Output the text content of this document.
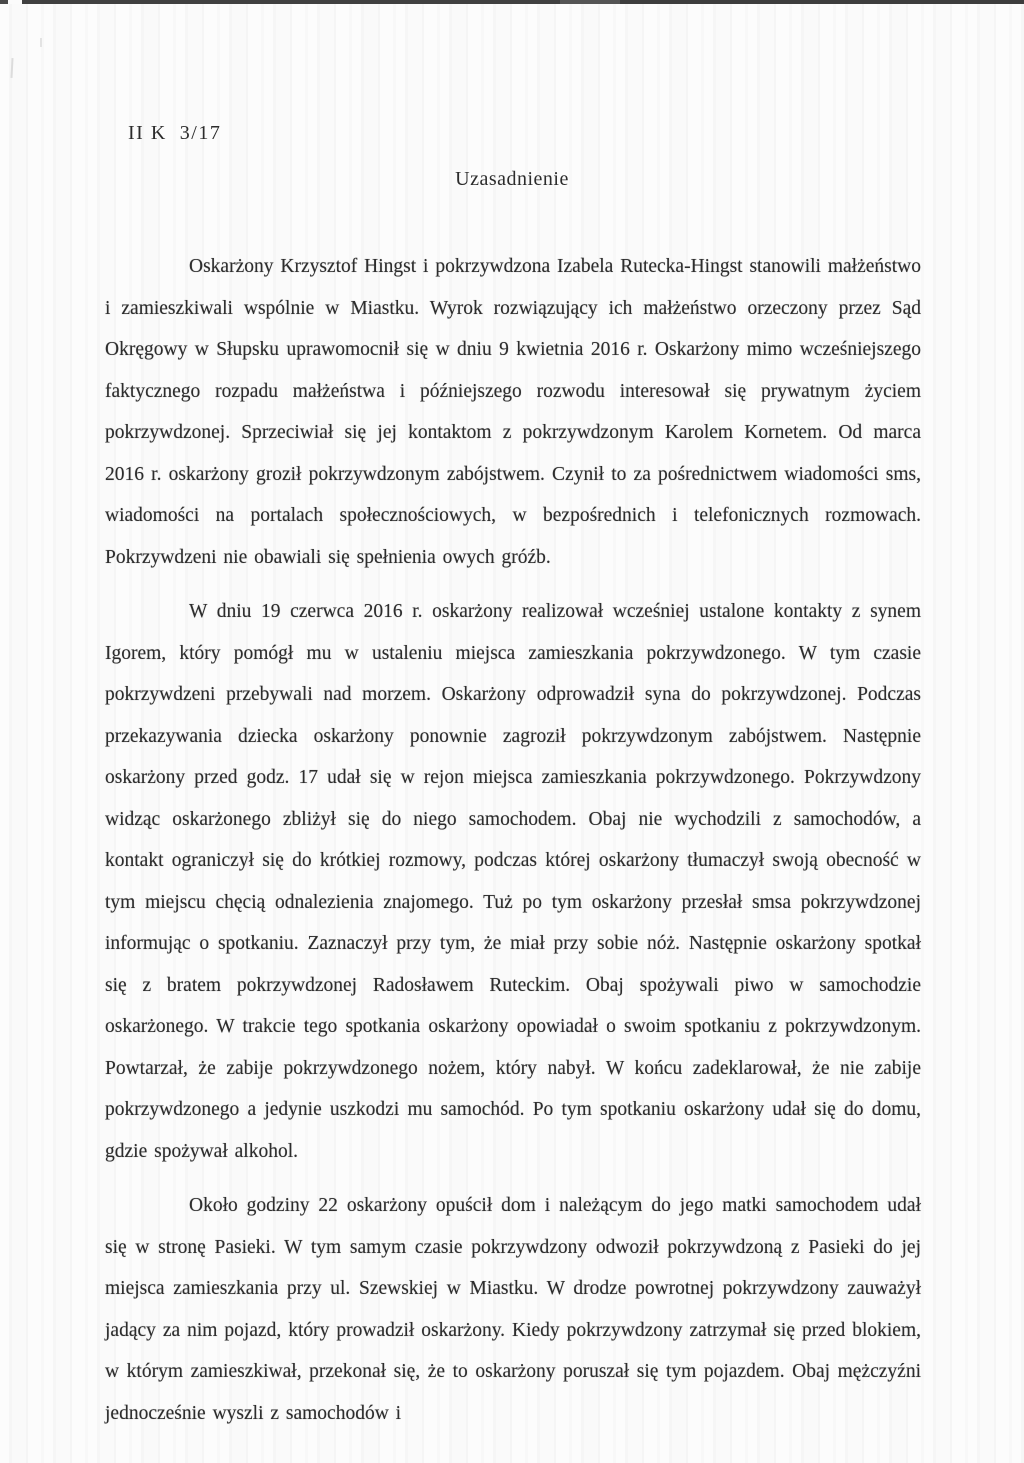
II K  3/17
Uzasadnienie

Oskarżony Krzysztof Hingst i pokrzywdzona Izabela Rutecka-Hingst stanowili małżeństwo i zamieszkiwali wspólnie w Miastku. Wyrok rozwiązujący ich małżeństwo orzeczony przez Sąd Okręgowy w Słupsku uprawomocnił się w dniu 9 kwietnia 2016 r. Oskarżony mimo wcześniejszego faktycznego rozpadu małżeństwa i późniejszego rozwodu interesował się prywatnym życiem pokrzywdzonej. Sprzeciwiał się jej kontaktom z pokrzywdzonym Karolem Kornetem. Od marca 2016 r. oskarżony groził pokrzywdzonym zabójstwem. Czynił to za pośrednictwem wiadomości sms, wiadomości na portalach społecznościowych, w bezpośrednich i telefonicznych rozmowach. Pokrzywdzeni nie obawiali się spełnienia owych gróźb.

W dniu 19 czerwca 2016 r. oskarżony realizował wcześniej ustalone kontakty z synem Igorem, który pomógł mu w ustaleniu miejsca zamieszkania pokrzywdzonego. W tym czasie pokrzywdzeni przebywali nad morzem. Oskarżony odprowadził syna do pokrzywdzonej. Podczas przekazywania dziecka oskarżony ponownie zagroził pokrzywdzonym zabójstwem. Następnie oskarżony przed godz. 17 udał się w rejon miejsca zamieszkania pokrzywdzonego. Pokrzywdzony widząc oskarżonego zbliżył się do niego samochodem. Obaj nie wychodzili z samochodów, a kontakt ograniczył się do krótkiej rozmowy, podczas której oskarżony tłumaczył swoją obecność w tym miejscu chęcią odnalezienia znajomego. Tuż po tym oskarżony przesłał smsa pokrzywdzonej informując o spotkaniu. Zaznaczył przy tym, że miał przy sobie nóż. Następnie oskarżony spotkał się z bratem pokrzywdzonej Radosławem Ruteckim. Obaj spożywali piwo w samochodzie oskarżonego. W trakcie tego spotkania oskarżony opowiadał o swoim spotkaniu z pokrzywdzonym. Powtarzał, że zabije pokrzywdzonego nożem, który nabył. W końcu zadeklarował, że nie zabije pokrzywdzonego a jedynie uszkodzi mu samochód. Po tym spotkaniu oskarżony udał się do domu, gdzie spożywał alkohol.

Około godziny 22 oskarżony opuścił dom i należącym do jego matki samochodem udał się w stronę Pasieki. W tym samym czasie pokrzywdzony odwoził pokrzywdzoną z Pasieki do jej miejsca zamieszkania przy ul. Szewskiej w Miastku. W drodze powrotnej pokrzywdzony zauważył jadący za nim pojazd, który prowadził oskarżony. Kiedy pokrzywdzony zatrzymał się przed blokiem, w którym zamieszkiwał, przekonał się, że to oskarżony poruszał się tym pojazdem. Obaj mężczyźni jednocześnie wyszli z samochodów i
